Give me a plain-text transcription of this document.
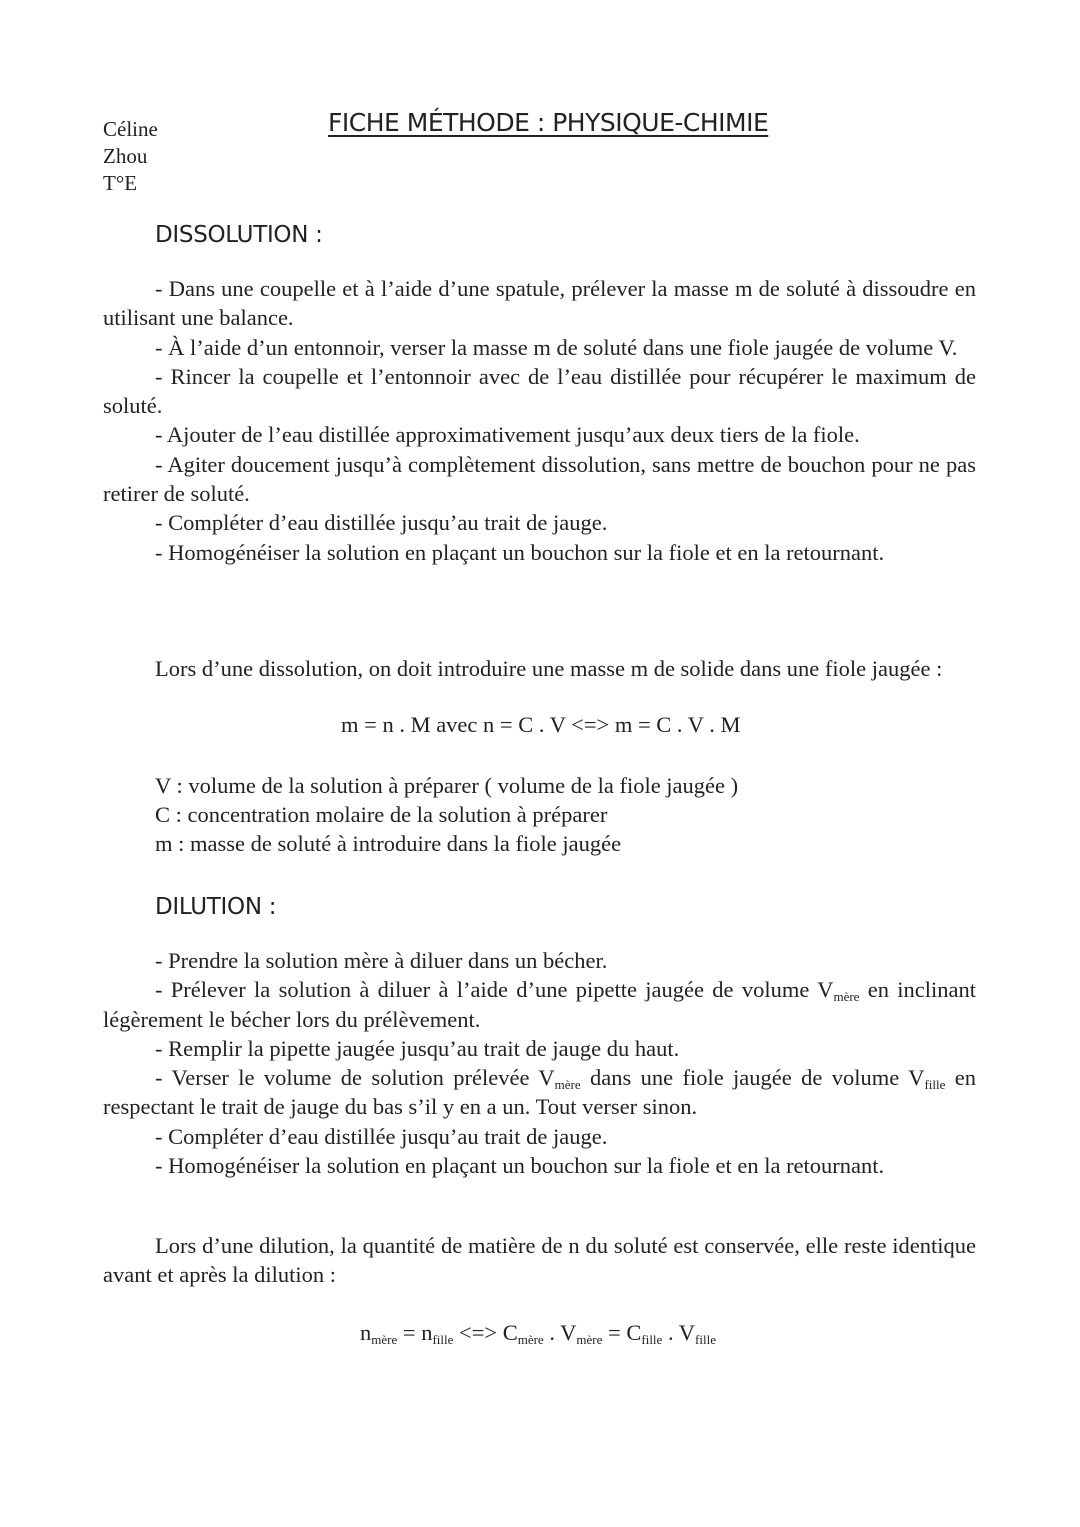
Céline
Zhou
T°E
FICHE MÉTHODE : PHYSIQUE-CHIMIE
DISSOLUTION :

- Dans une coupelle et à l’aide d’une spatule, prélever la masse m de soluté à dissoudre en utilisant une balance.

- À l’aide d’un entonnoir, verser la masse m de soluté dans une fiole jaugée de volume V.

- Rincer la coupelle et l’entonnoir avec de l’eau distillée pour récupérer le maximum de soluté.

- Ajouter de l’eau distillée approximativement jusqu’aux deux tiers de la fiole.

- Agiter doucement jusqu’à complètement dissolution, sans mettre de bouchon pour ne pas retirer de soluté.

- Compléter d’eau distillée jusqu’au trait de jauge.

- Homogénéiser la solution en plaçant un bouchon sur la fiole et en la retournant.

Lors d’une dissolution, on doit introduire une masse m de solide dans une fiole jaugée :

m = n . M avec n = C . V <=> m = C . V . M
V : volume de la solution à préparer ( volume de la fiole jaugée )
C : concentration molaire de la solution à préparer
m : masse de soluté à introduire dans la fiole jaugée
DILUTION :

- Prendre la solution mère à diluer dans un bécher.

- Prélever la solution à diluer à l’aide d’une pipette jaugée de volume $V_{mère}$ en inclinant légèrement le bécher lors du prélèvement.

- Remplir la pipette jaugée jusqu’au trait de jauge du haut.

- Verser le volume de solution prélevée $V_{mère}$ dans une fiole jaugée de volume $V_{fille}$ en respectant le trait de jauge du bas s’il y en a un. Tout verser sinon.

- Compléter d’eau distillée jusqu’au trait de jauge.

- Homogénéiser la solution en plaçant un bouchon sur la fiole et en la retournant.

Lors d’une dilution, la quantité de matière de n du soluté est conservée, elle reste identique avant et après la dilution :

$n_{mère} = n_{fille}$ <=> $C_{mère}$ . $V_{mère} = C_{fille}$ . $V_{fille}$
